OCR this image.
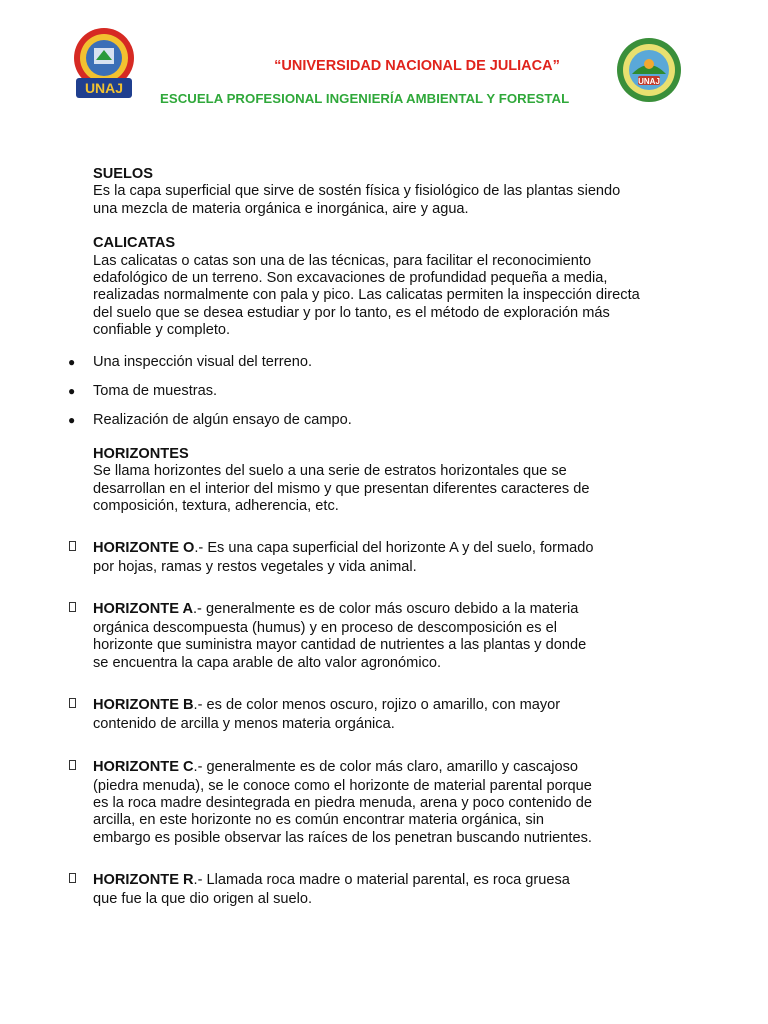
UNAJ	UNAJ
“UNIVERSIDAD NACIONAL DE JULIACA”
ESCUELA PROFESIONAL INGENIERÍA AMBIENTAL Y FORESTAL

SUELOS

Es la capa superficial que sirve de sostén física y fisiológico de las plantas siendo

una mezcla de materia orgánica e inorgánica, aire y agua.

CALICATAS

Las calicatas o catas son una de las técnicas, para facilitar el reconocimiento

edafológico de un terreno. Son excavaciones de profundidad pequeña a media,

realizadas normalmente con pala y pico. Las calicatas permiten la inspección directa

del suelo que se desea estudiar y por lo tanto, es el método de exploración más

confiable y completo.

● Una inspección visual del terreno.
● Toma de muestras.
● Realización de algún ensayo de campo.

HORIZONTES

Se llama horizontes del suelo a una serie de estratos horizontales que se

desarrollan en el interior del mismo y que presentan diferentes caracteres de

composición, textura, adherencia, etc.

HORIZONTE O.- Es una capa superficial del horizonte A y del suelo, formado
por hojas, ramas y restos vegetales y vida animal.
HORIZONTE A.- generalmente es de color más oscuro debido a la materia
orgánica descompuesta (humus) y en proceso de descomposición es el
horizonte que suministra mayor cantidad de nutrientes a las plantas y donde
se encuentra la capa arable de alto valor agronómico.
HORIZONTE B.- es de color menos oscuro, rojizo o amarillo, con mayor
contenido de arcilla y menos materia orgánica.
HORIZONTE C.- generalmente es de color más claro, amarillo y cascajoso
(piedra menuda), se le conoce como el horizonte de material parental porque
es la roca madre desintegrada en piedra menuda, arena y poco contenido de
arcilla, en este horizonte no es común encontrar materia orgánica, sin
embargo es posible observar las raíces de los penetran buscando nutrientes.
HORIZONTE R.- Llamada roca madre o material parental, es roca gruesa
que fue la que dio origen al suelo.
